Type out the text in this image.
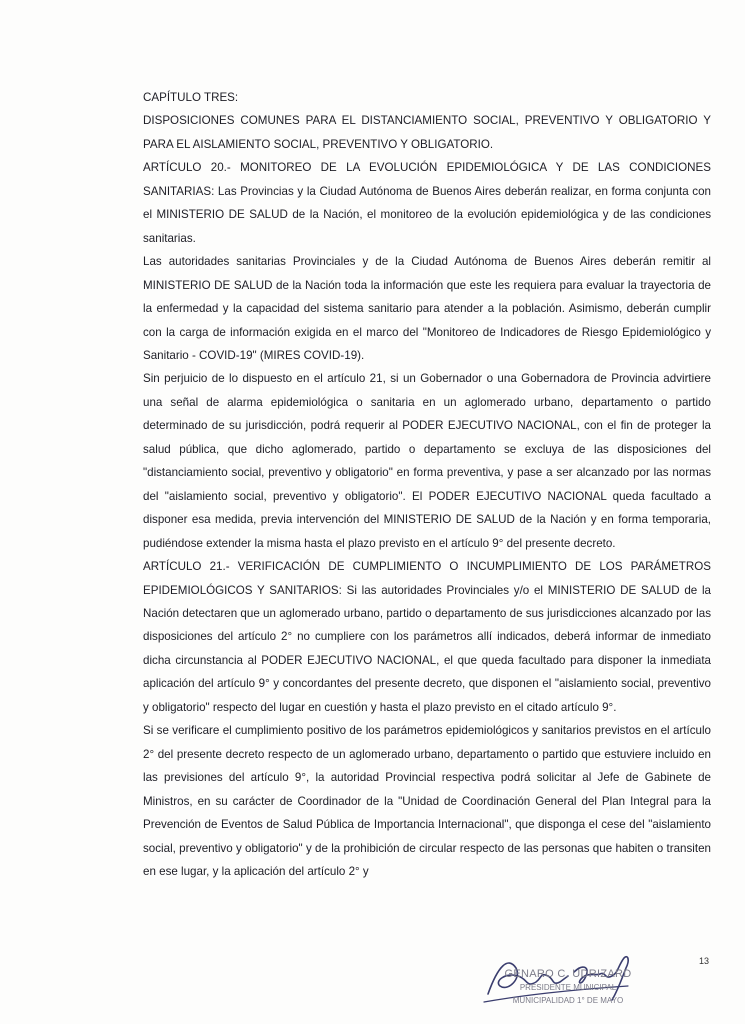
CAPÍTULO TRES:

DISPOSICIONES COMUNES PARA EL DISTANCIAMIENTO SOCIAL, PREVENTIVO Y OBLIGATORIO Y PARA EL AISLAMIENTO SOCIAL, PREVENTIVO Y OBLIGATORIO.

ARTÍCULO 20.- MONITOREO DE LA EVOLUCIÓN EPIDEMIOLÓGICA Y DE LAS CONDICIONES SANITARIAS: Las Provincias y la Ciudad Autónoma de Buenos Aires deberán realizar, en forma conjunta con el MINISTERIO DE SALUD de la Nación, el monitoreo de la evolución epidemiológica y de las condiciones sanitarias.

Las autoridades sanitarias Provinciales y de la Ciudad Autónoma de Buenos Aires deberán remitir al MINISTERIO DE SALUD de la Nación toda la información que este les requiera para evaluar la trayectoria de la enfermedad y la capacidad del sistema sanitario para atender a la población. Asimismo, deberán cumplir con la carga de información exigida en el marco del "Monitoreo de Indicadores de Riesgo Epidemiológico y Sanitario - COVID-19" (MIRES COVID-19).

Sin perjuicio de lo dispuesto en el artículo 21, si un Gobernador o una Gobernadora de Provincia advirtiere una señal de alarma epidemiológica o sanitaria en un aglomerado urbano, departamento o partido determinado de su jurisdicción, podrá requerir al PODER EJECUTIVO NACIONAL, con el fin de proteger la salud pública, que dicho aglomerado, partido o departamento se excluya de las disposiciones del "distanciamiento social, preventivo y obligatorio" en forma preventiva, y pase a ser alcanzado por las normas del "aislamiento social, preventivo y obligatorio". El PODER EJECUTIVO NACIONAL queda facultado a disponer esa medida, previa intervención del MINISTERIO DE SALUD de la Nación y en forma temporaria, pudiéndose extender la misma hasta el plazo previsto en el artículo 9° del presente decreto.

ARTÍCULO 21.- VERIFICACIÓN DE CUMPLIMIENTO O INCUMPLIMIENTO DE LOS PARÁMETROS EPIDEMIOLÓGICOS Y SANITARIOS: Si las autoridades Provinciales y/o el MINISTERIO DE SALUD de la Nación detectaren que un aglomerado urbano, partido o departamento de sus jurisdicciones alcanzado por las disposiciones del artículo 2° no cumpliere con los parámetros allí indicados, deberá informar de inmediato dicha circunstancia al PODER EJECUTIVO NACIONAL, el que queda facultado para disponer la inmediata aplicación del artículo 9° y concordantes del presente decreto, que disponen el "aislamiento social, preventivo y obligatorio" respecto del lugar en cuestión y hasta el plazo previsto en el citado artículo 9°.

Si se verificare el cumplimiento positivo de los parámetros epidemiológicos y sanitarios previstos en el artículo 2° del presente decreto respecto de un aglomerado urbano, departamento o partido que estuviere incluido en las previsiones del artículo 9°, la autoridad Provincial respectiva podrá solicitar al Jefe de Gabinete de Ministros, en su carácter de Coordinador de la "Unidad de Coordinación General del Plan Integral para la Prevención de Eventos de Salud Pública de Importancia Internacional", que disponga el cese del "aislamiento social, preventivo y obligatorio" y de la prohibición de circular respecto de las personas que habiten o transiten en ese lugar, y la aplicación del artículo 2° y

13
GENARO C. UDRIZARD
PRESIDENTE MUNICIPAL
MUNICIPALIDAD 1° DE MAYO
